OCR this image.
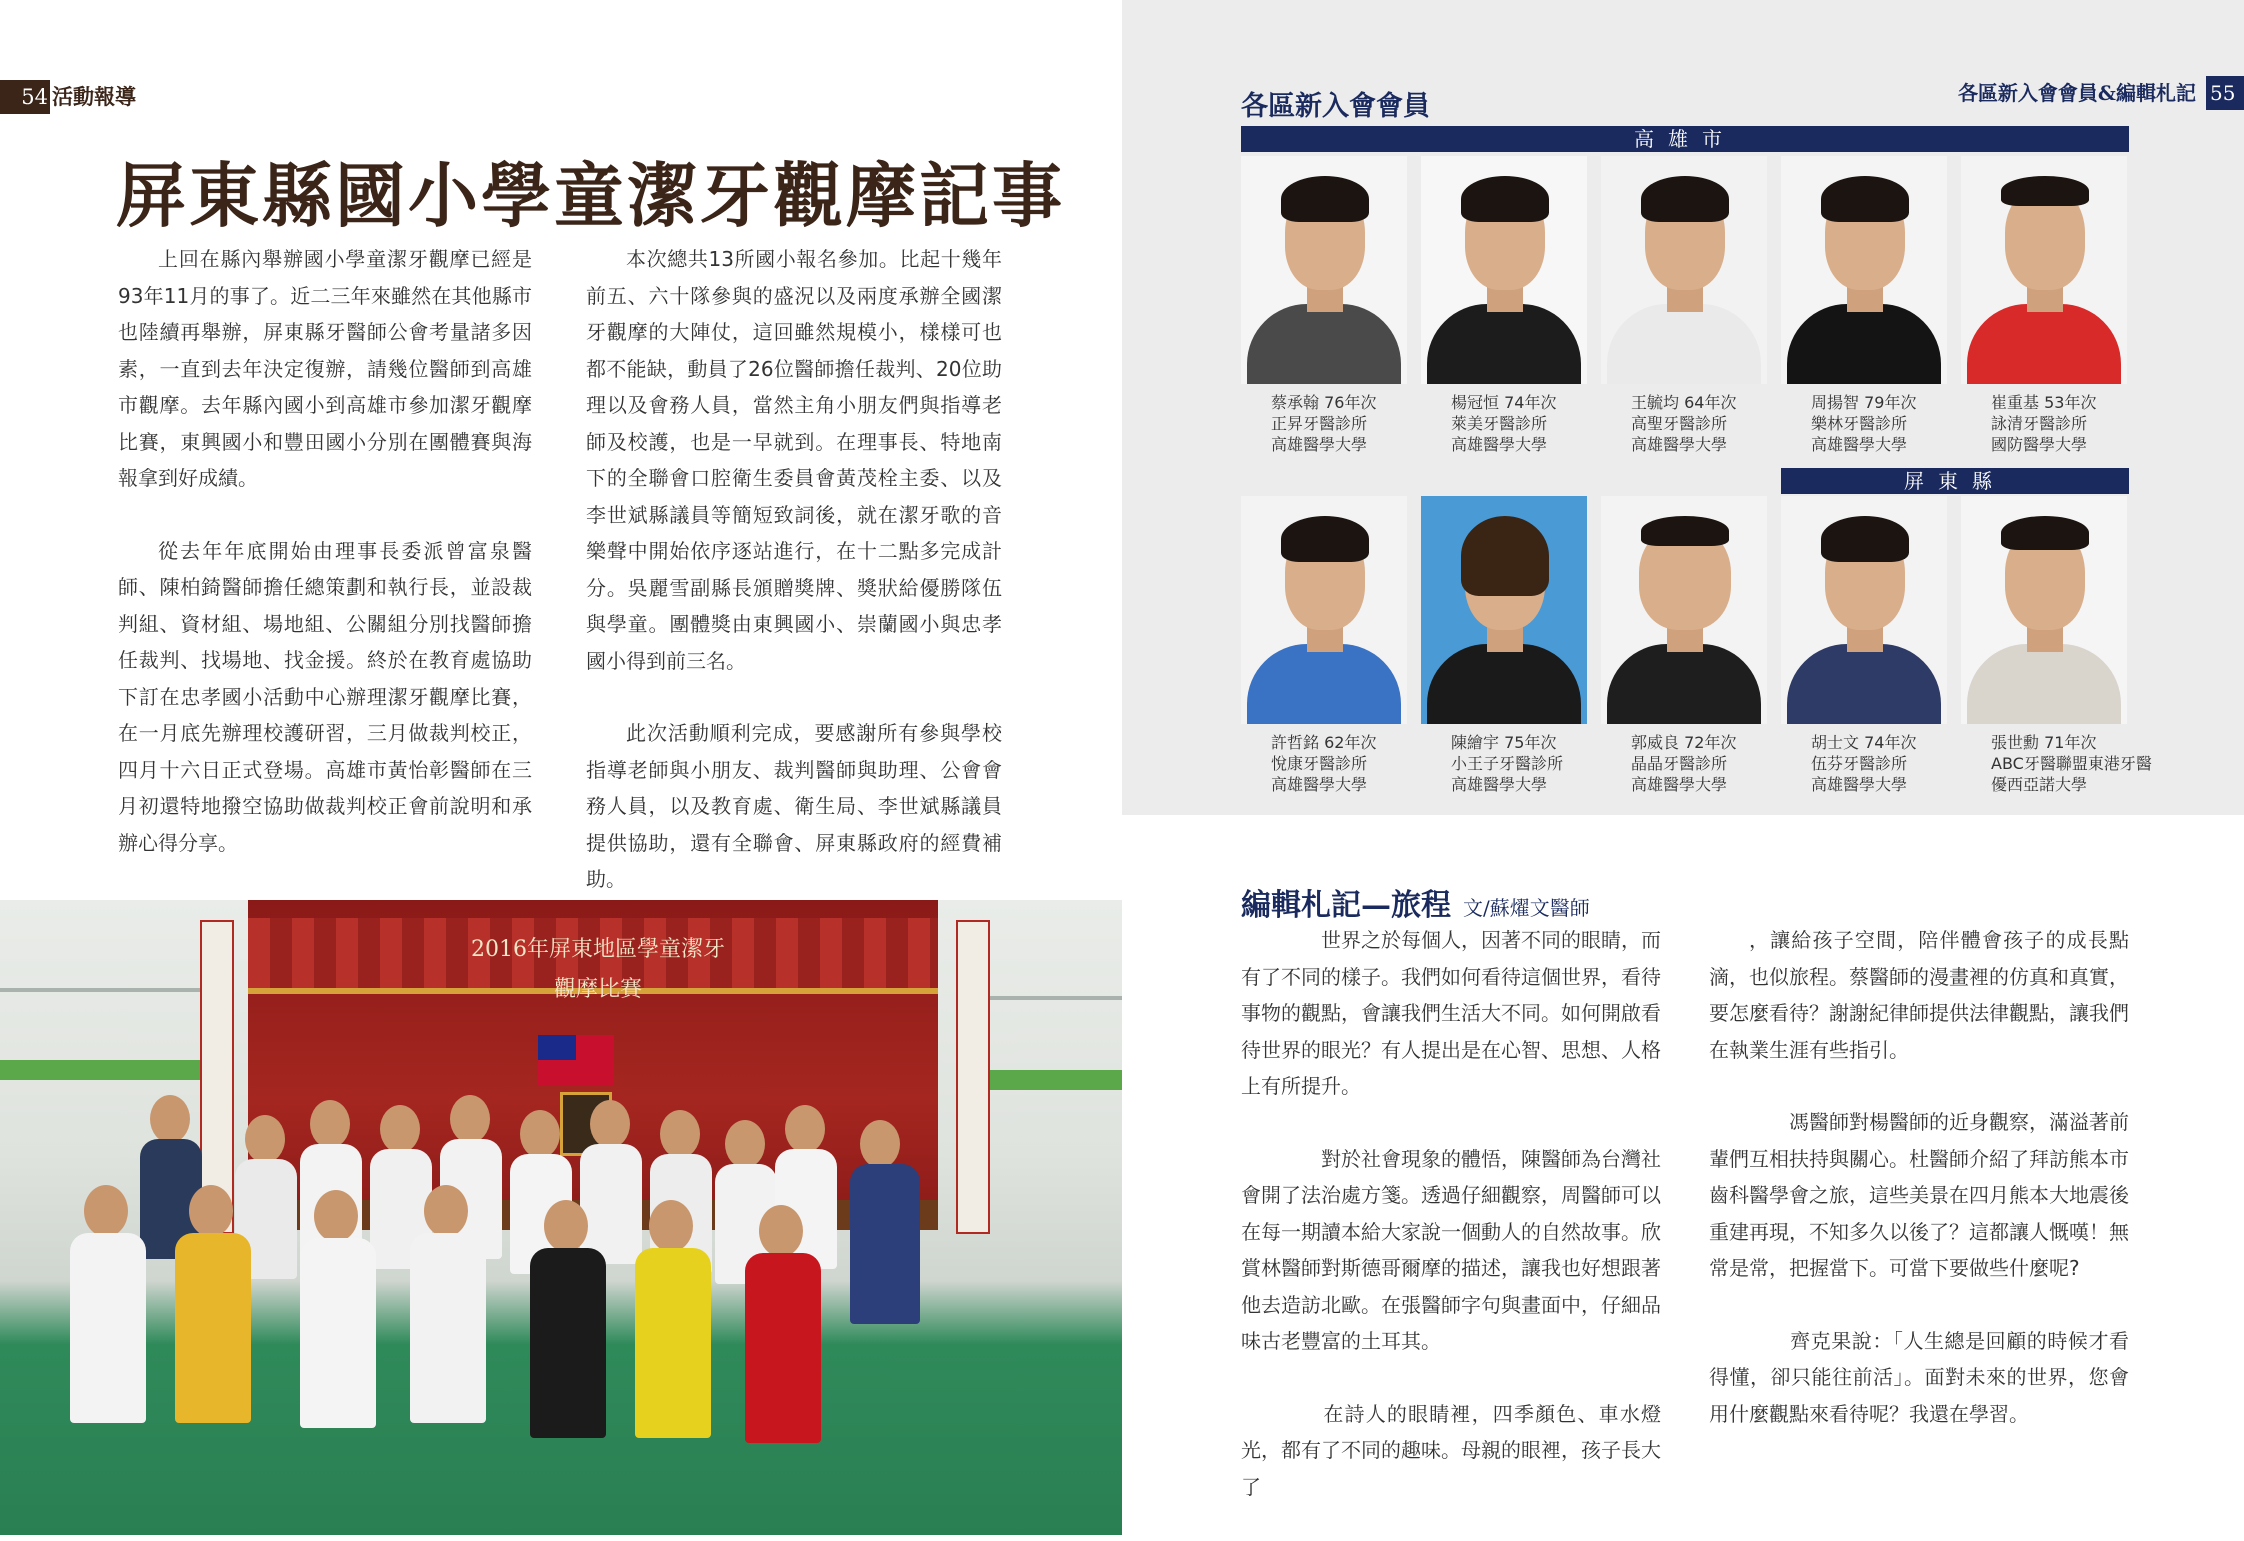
54 活動報導
屏東縣國小學童潔牙觀摩記事

上回在縣內舉辦國小學童潔牙觀摩已經是93年11月的事了。近二三年來雖然在其他縣市也陸續再舉辦，屏東縣牙醫師公會考量諸多因素，一直到去年決定復辦，請幾位醫師到高雄市觀摩。去年縣內國小到高雄市參加潔牙觀摩比賽，東興國小和豐田國小分別在團體賽與海報拿到好成績。

從去年年底開始由理事長委派曾富泉醫師、陳柏錡醫師擔任總策劃和執行長，並設裁判組、資材組、場地組、公關組分別找醫師擔任裁判、找場地、找金援。終於在教育處協助下訂在忠孝國小活動中心辦理潔牙觀摩比賽，在一月底先辦理校護研習，三月做裁判校正，四月十六日正式登場。高雄市黃怡彰醫師在三月初還特地撥空協助做裁判校正會前說明和承辦心得分享。

本次總共13所國小報名參加。比起十幾年前五、六十隊參與的盛況以及兩度承辦全國潔牙觀摩的大陣仗，這回雖然規模小，樣樣可也都不能缺，動員了26位醫師擔任裁判、20位助理以及會務人員，當然主角小朋友們與指導老師及校護，也是一早就到。在理事長、特地南下的全聯會口腔衛生委員會黃茂栓主委、以及李世斌縣議員等簡短致詞後，就在潔牙歌的音樂聲中開始依序逐站進行，在十二點多完成計分。吳麗雪副縣長頒贈獎牌、獎狀給優勝隊伍與學童。團體獎由東興國小、崇蘭國小與忠孝國小得到前三名。

此次活動順利完成，要感謝所有參與學校指導老師與小朋友、裁判醫師與助理、公會會務人員，以及教育處、衛生局、李世斌縣議員提供協助，還有全聯會、屏東縣政府的經費補助。

2016年屏東地區學童潔牙觀摩比賽
各區新入會會員&編輯札記 55
各區新入會會員
高雄市
屏東縣
蔡承翰 76年次
正昇牙醫診所
高雄醫學大學
楊冠恒 74年次
萊美牙醫診所
高雄醫學大學
王毓均 64年次
高聖牙醫診所
高雄醫學大學
周揚智 79年次
樂林牙醫診所
高雄醫學大學
崔重基 53年次
詠清牙醫診所
國防醫學大學
許哲銘 62年次
悅康牙醫診所
高雄醫學大學
陳繪宇 75年次
小王子牙醫診所
高雄醫學大學
郭威良 72年次
晶晶牙醫診所
高雄醫學大學
胡士文 74年次
伍芬牙醫診所
高雄醫學大學
張世勳 71年次
ABC牙醫聯盟東港牙醫
優西亞諾大學
編輯札記—旅程 文/蘇燿文醫師

　　世界之於每個人，因著不同的眼睛，而有了不同的樣子。我們如何看待這個世界，看待事物的觀點，會讓我們生活大不同。如何開啟看待世界的眼光？有人提出是在心智、思想、人格上有所提升。

　　對於社會現象的體悟，陳醫師為台灣社會開了法治處方箋。透過仔細觀察，周醫師可以在每一期讀本給大家說一個動人的自然故事。欣賞林醫師對斯德哥爾摩的描述，讓我也好想跟著他去造訪北歐。在張醫師字句與畫面中，仔細品味古老豐富的土耳其。

　　在詩人的眼睛裡，四季顏色、車水燈光，都有了不同的趣味。母親的眼裡，孩子長大了

，讓給孩子空間，陪伴體會孩子的成長點滴，也似旅程。蔡醫師的漫畫裡的仿真和真實，要怎麼看待？謝謝紀律師提供法律觀點，讓我們在執業生涯有些指引。

　　馮醫師對楊醫師的近身觀察，滿溢著前輩們互相扶持與關心。杜醫師介紹了拜訪熊本市齒科醫學會之旅，這些美景在四月熊本大地震後重建再現，不知多久以後了？這都讓人慨嘆！無常是常，把握當下。可當下要做些什麼呢?

　　齊克果說：「人生總是回顧的時候才看得懂，卻只能往前活」。面對未來的世界，您會用什麼觀點來看待呢？我還在學習。
